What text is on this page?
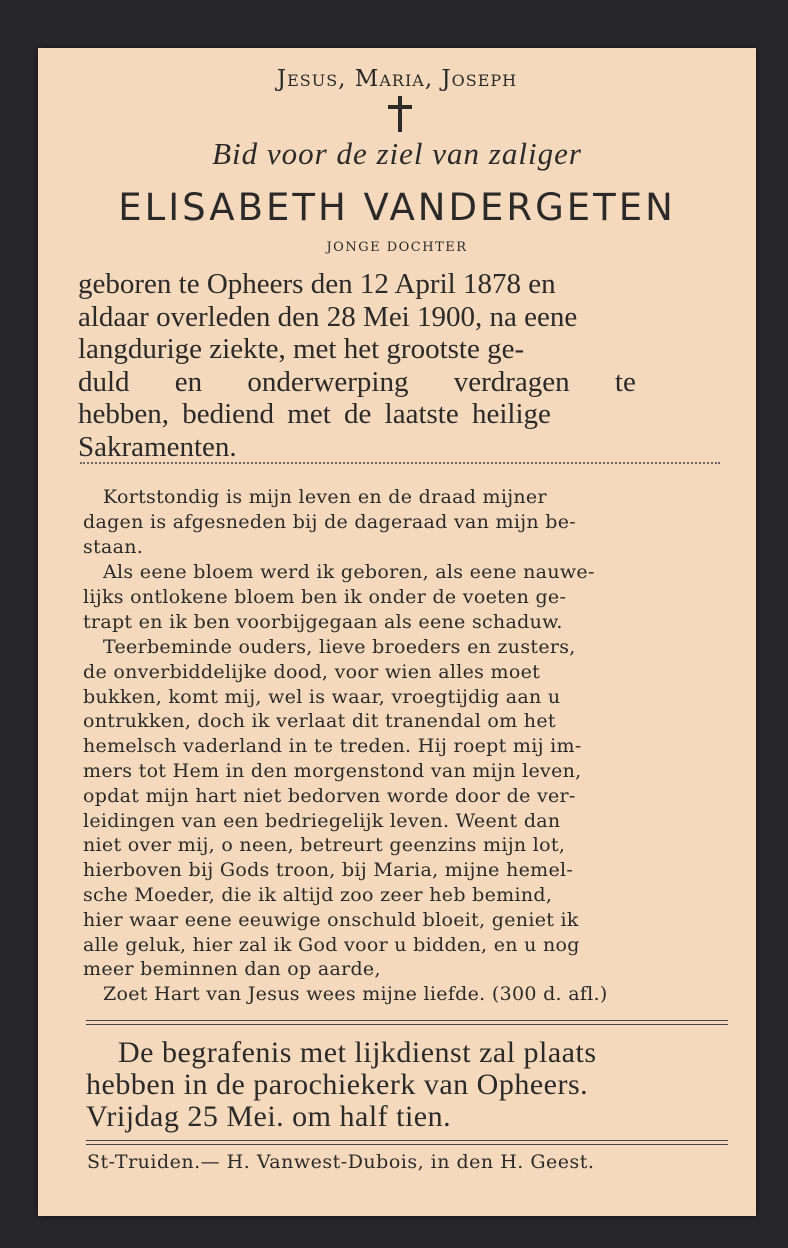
Jesus, Maria, Joseph
Bid voor de ziel van zaliger
ELISABETH VANDERGETEN
JONGE DOCHTER
geboren te Opheers den 12 April 1878 en
aldaar overleden den 28 Mei 1900, na eene
langdurige ziekte, met het grootste ge-
duld en onderwerping verdragen te
hebben, bediend met de laatste heilige
Sakramenten.
Kortstondig is mijn leven en de draad mijner
dagen is afgesneden bij de dageraad van mijn be-
staan.
Als eene bloem werd ik geboren, als eene nauwe-
lijks ontlokene bloem ben ik onder de voeten ge-
trapt en ik ben voorbijgegaan als eene schaduw.
Teerbeminde ouders, lieve broeders en zusters,
de onverbiddelijke dood, voor wien alles moet
bukken, komt mij, wel is waar, vroegtijdig aan u
ontrukken, doch ik verlaat dit tranendal om het
hemelsch vaderland in te treden. Hij roept mij im-
mers tot Hem in den morgenstond van mijn leven,
opdat mijn hart niet bedorven worde door de ver-
leidingen van een bedriegelijk leven. Weent dan
niet over mij, o neen, betreurt geenzins mijn lot,
hierboven bij Gods troon, bij Maria, mijne hemel-
sche Moeder, die ik altijd zoo zeer heb bemind,
hier waar eene eeuwige onschuld bloeit, geniet ik
alle geluk, hier zal ik God voor u bidden, en u nog
meer beminnen dan op aarde,
Zoet Hart van Jesus wees mijne liefde. (300 d. afl.)
De begrafenis met lijkdienst zal plaats
hebben in de parochiekerk van Opheers.
Vrijdag 25 Mei. om half tien.
St-Truiden.— H. Vanwest-Dubois, in den H. Geest.
